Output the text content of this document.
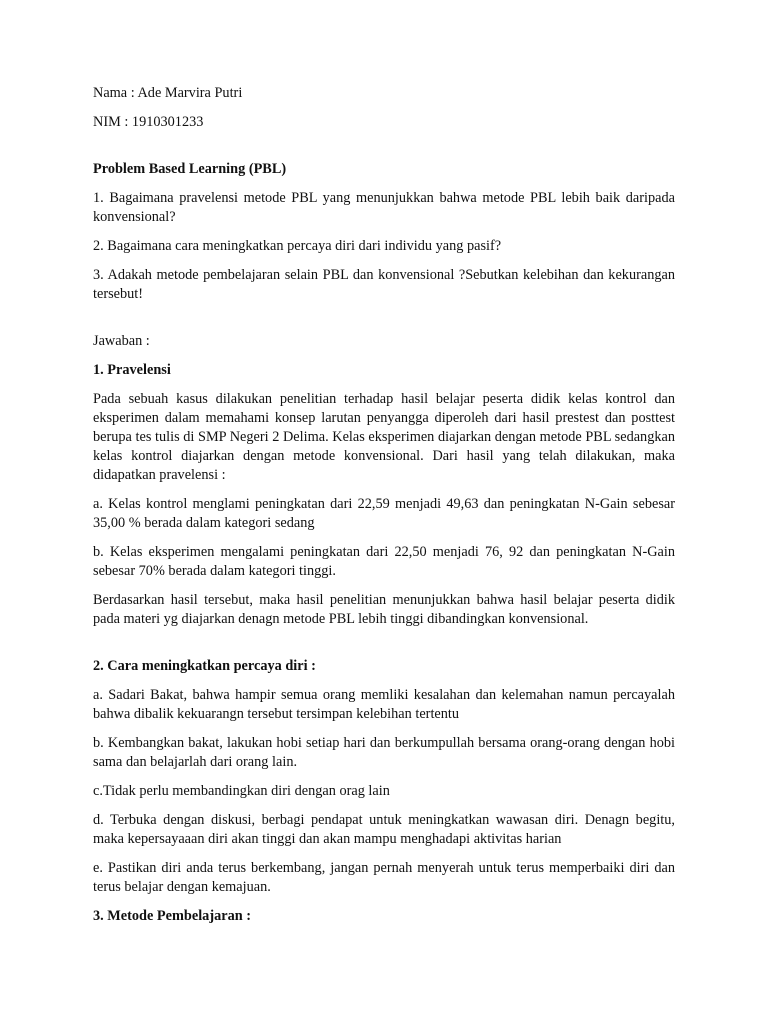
Nama : Ade Marvira Putri

NIM : 1910301233

Problem Based Learning (PBL)

1. Bagaimana pravelensi metode PBL yang menunjukkan bahwa metode PBL lebih baik daripada konvensional?

2. Bagaimana cara meningkatkan percaya diri dari individu yang pasif?

3. Adakah metode pembelajaran selain PBL dan konvensional ?Sebutkan kelebihan dan kekurangan tersebut!

Jawaban :

1. Pravelensi

Pada sebuah kasus dilakukan penelitian terhadap hasil belajar peserta didik kelas kontrol dan eksperimen dalam memahami konsep larutan penyangga diperoleh dari hasil prestest dan posttest berupa tes tulis di SMP Negeri 2 Delima. Kelas eksperimen diajarkan dengan metode PBL sedangkan kelas kontrol diajarkan dengan metode konvensional. Dari hasil yang telah dilakukan, maka didapatkan pravelensi :

a. Kelas kontrol menglami peningkatan dari 22,59 menjadi 49,63 dan peningkatan N-Gain sebesar 35,00 % berada dalam kategori sedang

b. Kelas eksperimen mengalami peningkatan dari 22,50 menjadi 76, 92 dan peningkatan N-Gain sebesar 70% berada dalam kategori tinggi.

Berdasarkan hasil tersebut, maka hasil penelitian menunjukkan bahwa hasil belajar peserta didik pada materi yg diajarkan denagn metode PBL lebih tinggi dibandingkan konvensional.

2. Cara meningkatkan percaya diri :

a. Sadari Bakat, bahwa hampir semua orang memliki kesalahan dan kelemahan namun percayalah bahwa dibalik kekuarangn tersebut tersimpan kelebihan tertentu

b. Kembangkan bakat, lakukan hobi setiap hari dan berkumpullah bersama orang-orang dengan hobi sama dan belajarlah dari orang lain.

c.Tidak perlu membandingkan diri dengan orag lain

d. Terbuka dengan diskusi, berbagi pendapat untuk meningkatkan wawasan diri. Denagn begitu, maka kepersayaaan diri akan tinggi dan akan mampu menghadapi aktivitas harian

e. Pastikan diri anda terus berkembang, jangan pernah menyerah untuk terus memperbaiki diri dan terus belajar dengan kemajuan.

3. Metode Pembelajaran :
